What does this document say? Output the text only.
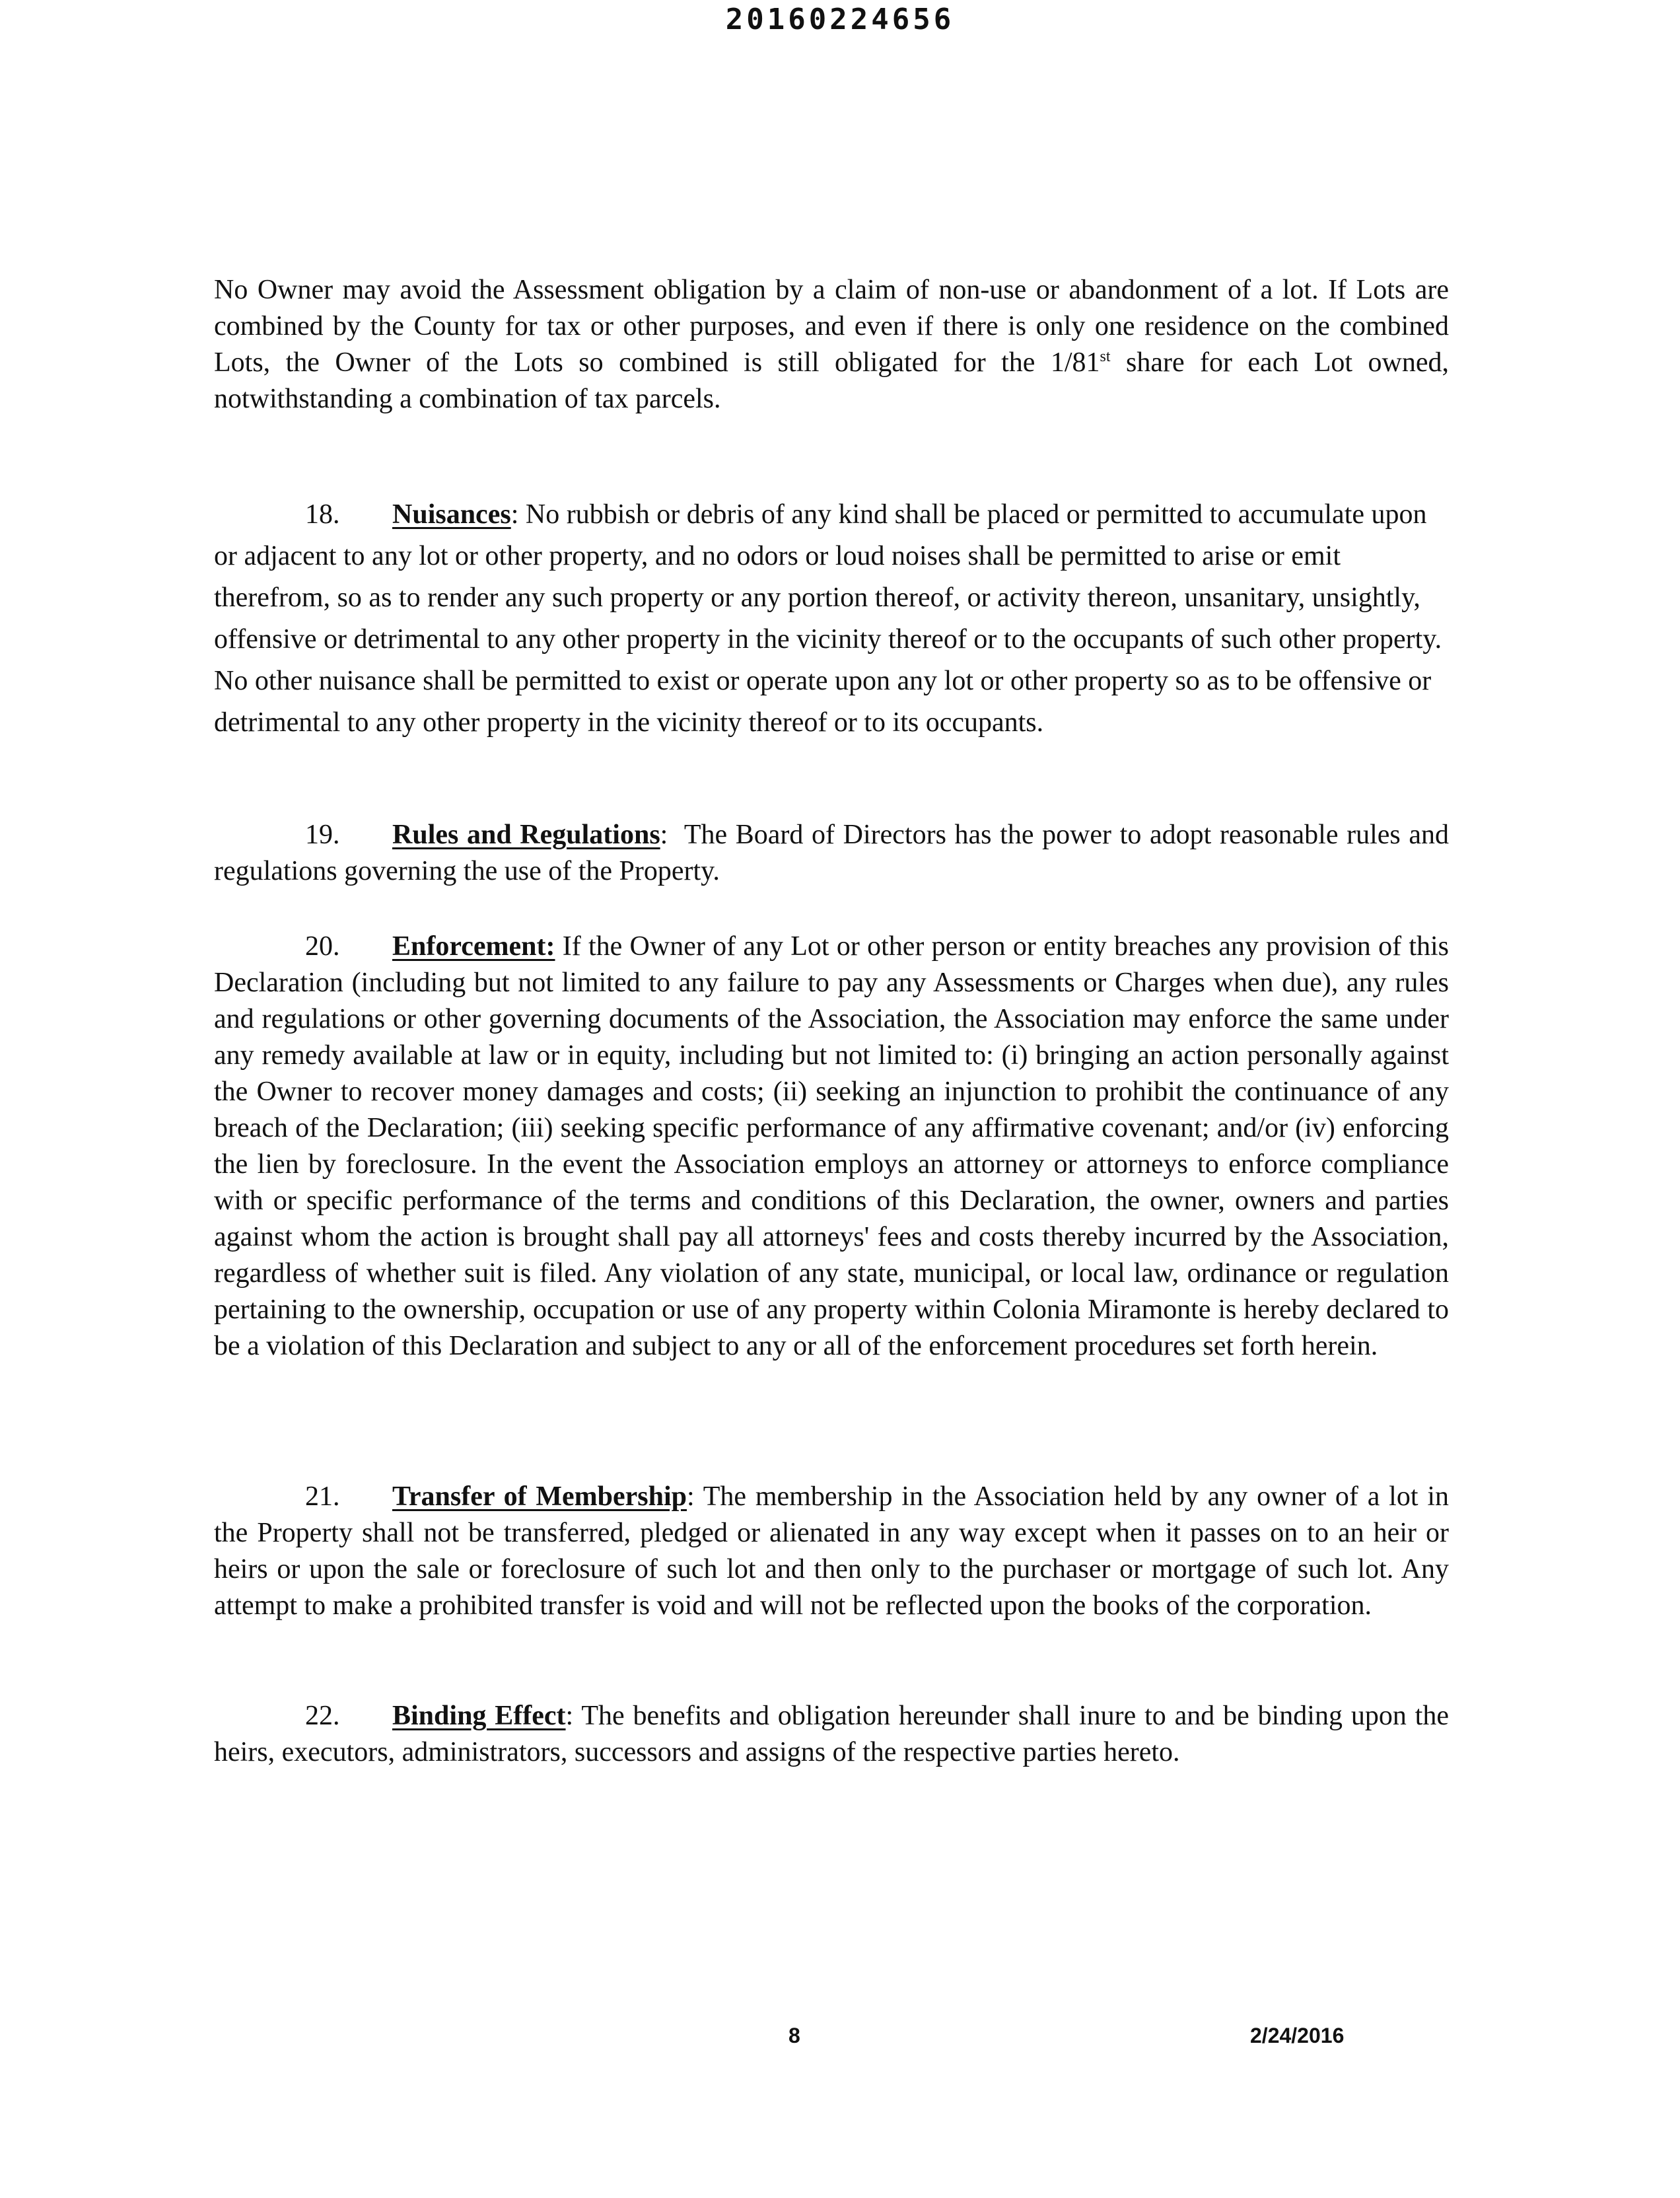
20160224656

No Owner may avoid the Assessment obligation by a claim of non-use or abandonment of a lot. If Lots are combined by the County for tax or other purposes, and even if there is only one residence on the combined Lots, the Owner of the Lots so combined is still obligated for the 1/81st share for each Lot owned, notwithstanding a combination of tax parcels.

18. Nuisances: No rubbish or debris of any kind shall be placed or permitted to accumulate upon or adjacent to any lot or other property, and no odors or loud noises shall be permitted to arise or emit therefrom, so as to render any such property or any portion thereof, or activity thereon, unsanitary, unsightly, offensive or detrimental to any other property in the vicinity thereof or to the occupants of such other property. No other nuisance shall be permitted to exist or operate upon any lot or other property so as to be offensive or detrimental to any other property in the vicinity thereof or to its occupants.

19. Rules and Regulations: The Board of Directors has the power to adopt reasonable rules and regulations governing the use of the Property.

20. Enforcement: If the Owner of any Lot or other person or entity breaches any provision of this Declaration (including but not limited to any failure to pay any Assessments or Charges when due), any rules and regulations or other governing documents of the Association, the Association may enforce the same under any remedy available at law or in equity, including but not limited to: (i) bringing an action personally against the Owner to recover money damages and costs; (ii) seeking an injunction to prohibit the continuance of any breach of the Declaration; (iii) seeking specific performance of any affirmative covenant; and/or (iv) enforcing the lien by foreclosure. In the event the Association employs an attorney or attorneys to enforce compliance with or specific performance of the terms and conditions of this Declaration, the owner, owners and parties against whom the action is brought shall pay all attorneys' fees and costs thereby incurred by the Association, regardless of whether suit is filed. Any violation of any state, municipal, or local law, ordinance or regulation pertaining to the ownership, occupation or use of any property within Colonia Miramonte is hereby declared to be a violation of this Declaration and subject to any or all of the enforcement procedures set forth herein.

21. Transfer of Membership: The membership in the Association held by any owner of a lot in the Property shall not be transferred, pledged or alienated in any way except when it passes on to an heir or heirs or upon the sale or foreclosure of such lot and then only to the purchaser or mortgage of such lot. Any attempt to make a prohibited transfer is void and will not be reflected upon the books of the corporation.

22. Binding Effect: The benefits and obligation hereunder shall inure to and be binding upon the heirs, executors, administrators, successors and assigns of the respective parties hereto.

8	2/24/2016
